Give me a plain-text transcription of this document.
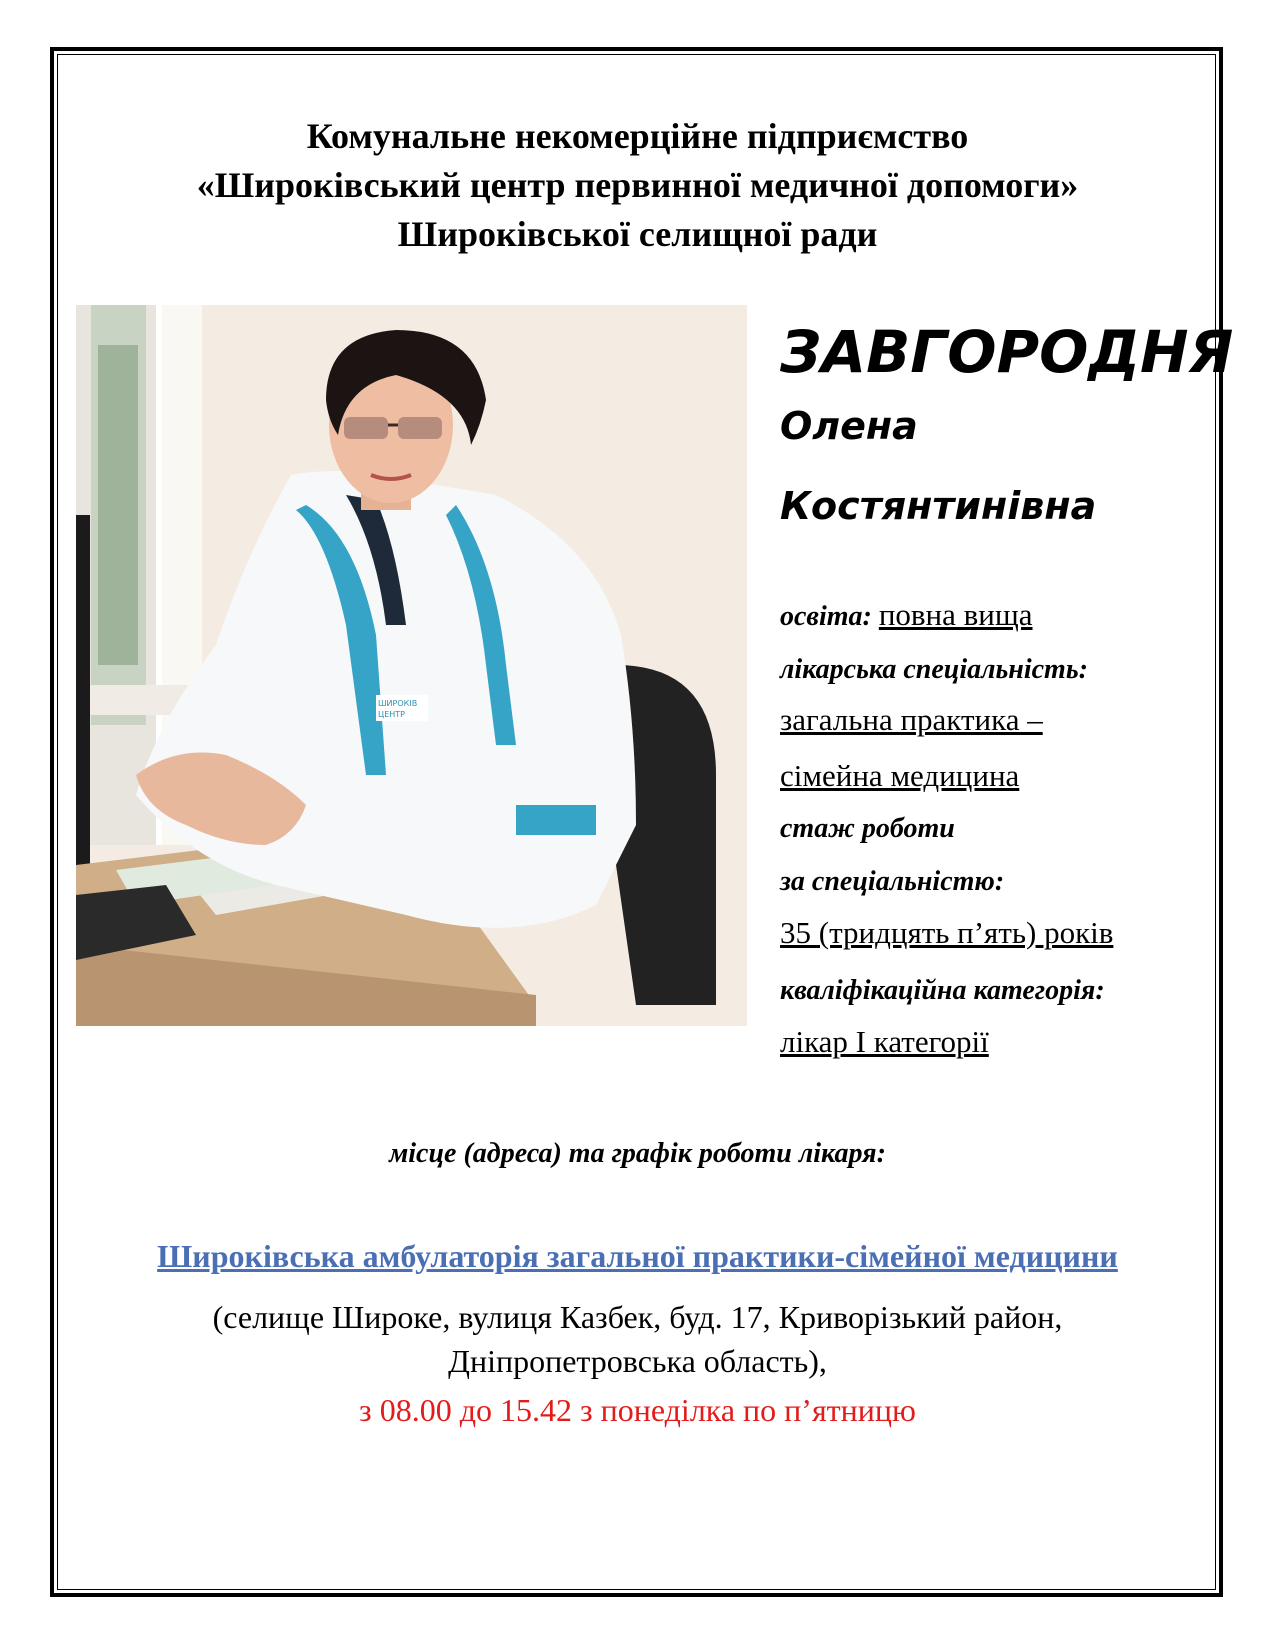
Комунальне некомерційне підприємство
«Широківський центр первинної медичної допомоги»
Широківської селищної ради
ШИРОКІВ
ЦЕНТР
ЗАВГОРОДНЯ
Олена
Костянтинівна
освіта: повна вища
лікарська спеціальність:
загальна практика –
сімейна медицина
стаж роботи
за спеціальністю:
35 (тридцять п’ять) років
кваліфікаційна категорія:
лікар I категорії
місце (адреса) та графік роботи лікаря:
Широківська амбулаторія загальної практики-сімейної медицини
(селище Широке, вулиця Казбек, буд. 17, Криворізький район,
Дніпропетровська область),
з 08.00 до 15.42 з понеділка по п’ятницю
